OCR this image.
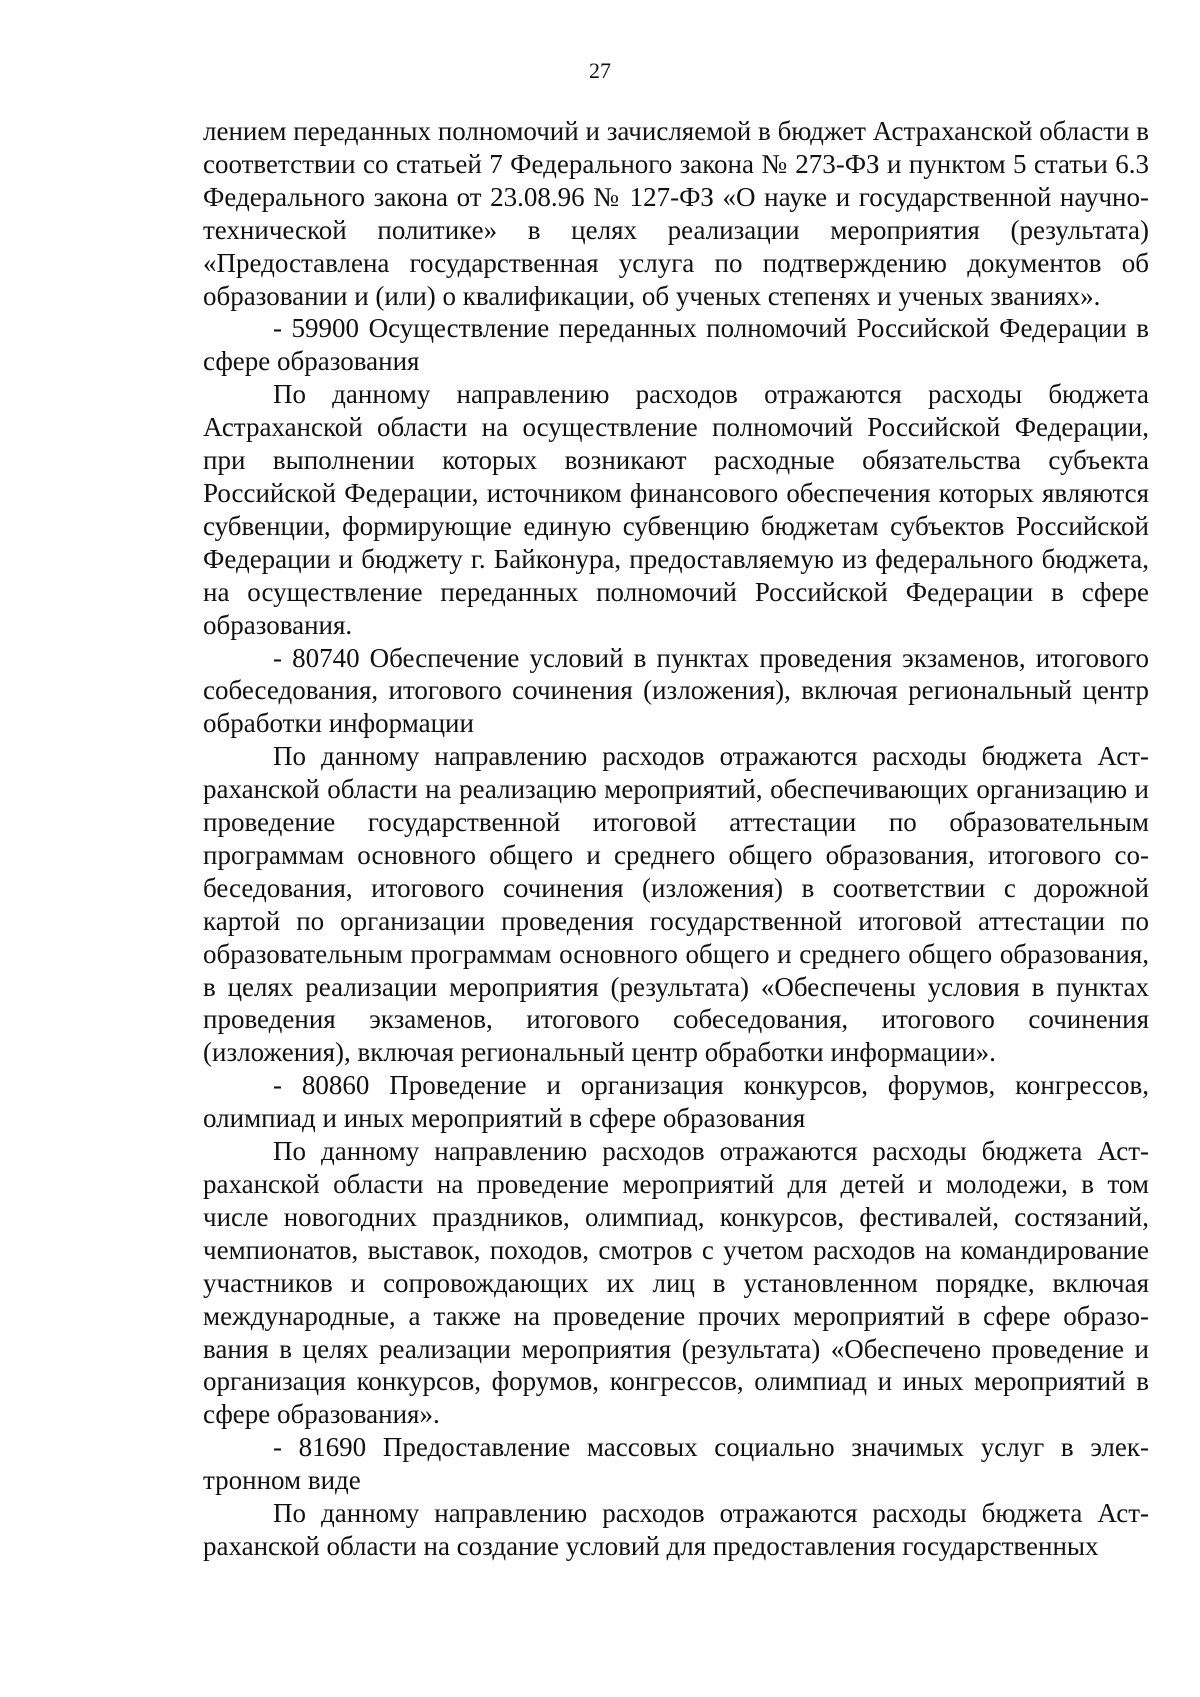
27

лением переданных полномочий и зачисляемой в бюджет Астраханской области в соответствии со статьей 7 Федерального закона № 273-ФЗ и пунктом 5 статьи 6.3 Федерального закона от 23.08.96 № 127-ФЗ «О науке и государственной научно-технической политике» в целях реализации мероприятия (результата) «Предоставлена государственная услуга по подтверждению документов об образовании и (или) о квалификации, об ученых степенях и ученых званиях».

- 59900 Осуществление переданных полномочий Российской Федерации в сфере образования

По данному направлению расходов отражаются расходы бюджета Астраханской области на осуществление полномочий Российской Федерации, при выполнении которых возникают расходные обязательства субъекта Российской Федерации, источником финансового обеспечения которых являются субвенции, формирующие единую субвенцию бюджетам субъектов Российской Федерации и бюджету г. Байконура, предоставляемую из федерального бюджета, на осуществление переданных полномочий Российской Федерации в сфере образования.

- 80740 Обеспечение условий в пунктах проведения экзаменов, итогового собеседования, итогового сочинения (изложения), включая региональный центр обработки информации

По данному направлению расходов отражаются расходы бюджета Астраханской области на реализацию мероприятий, обеспечивающих организацию и проведение государственной итоговой аттестации по образовательным программам основного общего и среднего общего образования, итогового собеседования, итогового сочинения (изложения) в соответствии с дорожной картой по организации проведения государственной итоговой аттестации по образовательным программам основного общего и среднего общего образования, в целях реализации мероприятия (результата) «Обеспечены условия в пунктах проведения экзаменов, итогового собеседования, итогового сочинения (изложения), включая региональный центр обработки информации».

- 80860 Проведение и организация конкурсов, форумов, конгрессов, олимпиад и иных мероприятий в сфере образования

По данному направлению расходов отражаются расходы бюджета Астраханской области на проведение мероприятий для детей и молодежи, в том числе новогодних праздников, олимпиад, конкурсов, фестивалей, состязаний, чемпионатов, выставок, походов, смотров с учетом расходов на командирование участников и сопровождающих их лиц в установленном порядке, включая международные, а также на проведение прочих мероприятий в сфере образования в целях реализации мероприятия (результата) «Обеспечено проведение и организация конкурсов, форумов, конгрессов, олимпиад и иных мероприятий в сфере образования».

- 81690 Предоставление массовых социально значимых услуг в электронном виде

По данному направлению расходов отражаются расходы бюджета Астраханской области на создание условий для предоставления государственных
